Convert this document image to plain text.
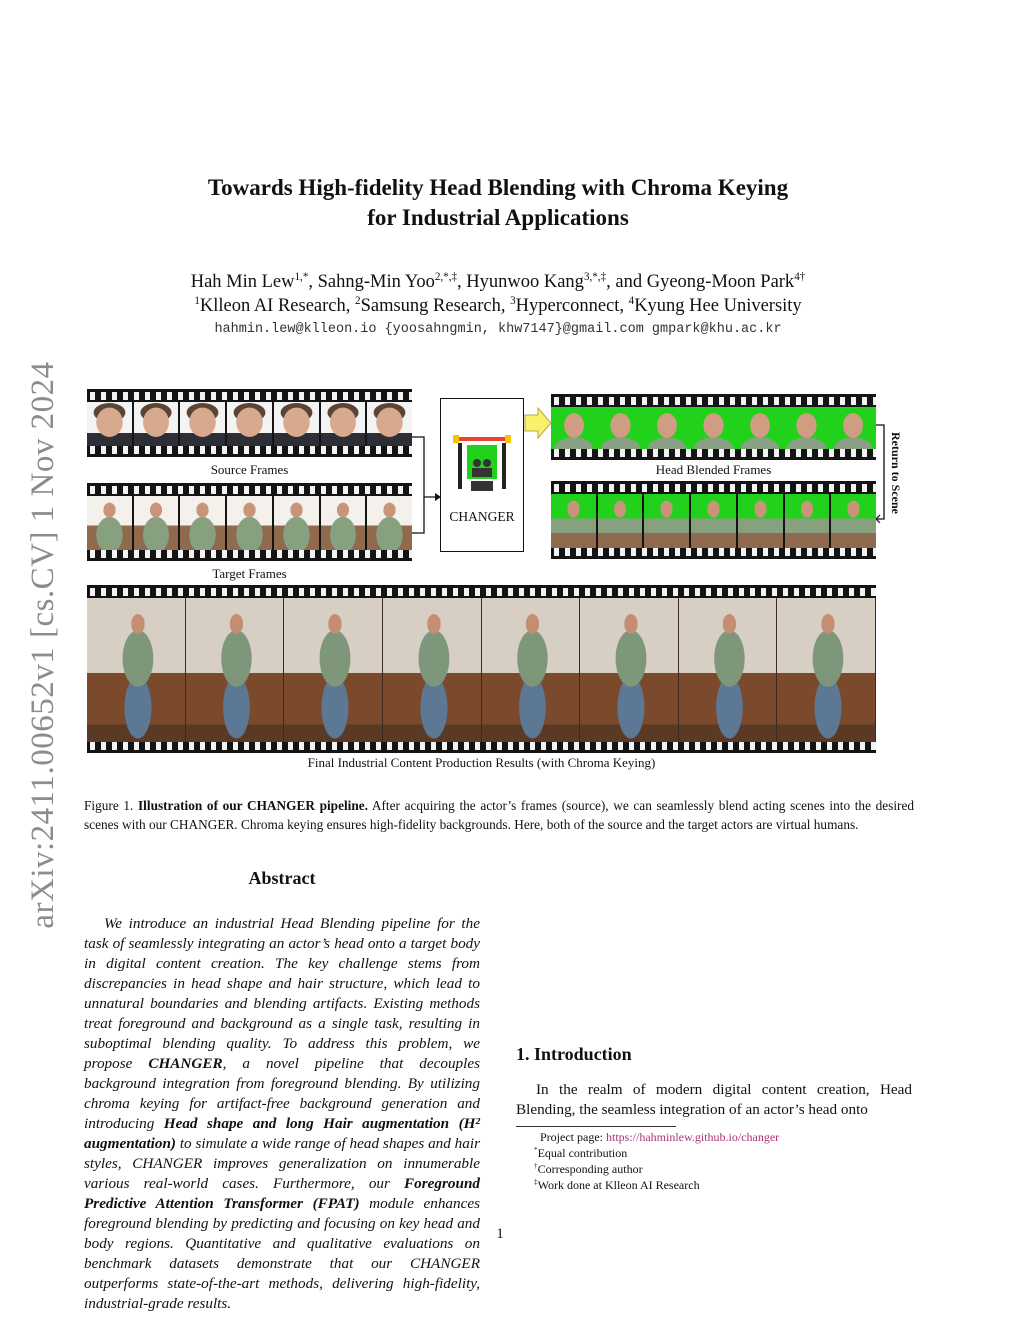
arXiv:2411.00652v1 [cs.CV] 1 Nov 2024
Towards High-fidelity Head Blending with Chroma Keying
for Industrial Applications
Hah Min Lew$^{1,*}$, Sahng-Min Yoo$^{2,*,\ddagger}$, Hyunwoo Kang$^{3,*,\ddagger}$, and Gyeong-Moon Park$^{4\dagger}$
$^1$Klleon AI Research, $^2$Samsung Research, $^3$Hyperconnect, $^4$Kyung Hee University
hahmin.lew@klleon.io {yoosahngmin, khw7147}@gmail.com gmpark@khu.ac.kr
Source Frames
Target Frames
CHANGER
Head Blended Frames	Return to Scene
Final Industrial Content Production Results (with Chroma Keying)
Figure 1. Illustration of our CHANGER pipeline. After acquiring the actor’s frames (source), we can seamlessly blend acting scenes into the desired scenes with our CHANGER. Chroma keying ensures high-fidelity backgrounds. Here, both of the source and the target actors are virtual humans.
Abstract
We introduce an industrial Head Blending pipeline for the task of seamlessly integrating an actor’s head onto a target body in digital content creation. The key challenge stems from discrepancies in head shape and hair structure, which lead to unnatural boundaries and blending artifacts. Existing methods treat foreground and background as a single task, resulting in suboptimal blending quality. To address this problem, we propose CHANGER, a novel pipeline that decouples background integration from foreground blending. By utilizing chroma keying for artifact-free background generation and introducing Head shape and long Hair augmentation (H² augmentation) to simulate a wide range of head shapes and hair styles, CHANGER improves generalization on innumerable various real-world cases. Furthermore, our Foreground Predictive Attention Transformer (FPAT) module enhances foreground blending by predicting and focusing on key head and body regions. Quantitative and qualitative evaluations on benchmark datasets demonstrate that our CHANGER outperforms state-of-the-art methods, delivering high-fidelity, industrial-grade results.
1. Introduction
In the realm of modern digital content creation, Head Blending, the seamless integration of an actor’s head onto
Project page: https://hahminlew.github.io/changer
*Equal contribution
†Corresponding author
‡Work done at Klleon AI Research
1
